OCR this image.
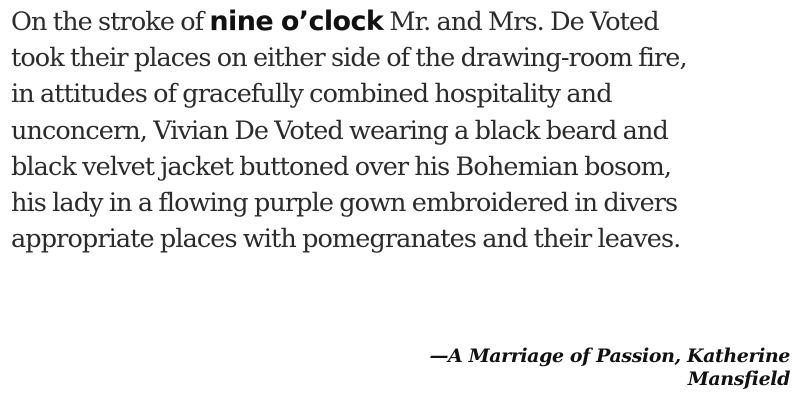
On the stroke of nine o’clock Mr. and Mrs. De Voted
took their places on either side of the drawing-room fire,
in attitudes of gracefully combined hospitality and
unconcern, Vivian De Voted wearing a black beard and
black velvet jacket buttoned over his Bohemian bosom,
his lady in a flowing purple gown embroidered in divers
appropriate places with pomegranates and their leaves.

—A Marriage of Passion, Katherine
Mansfield
